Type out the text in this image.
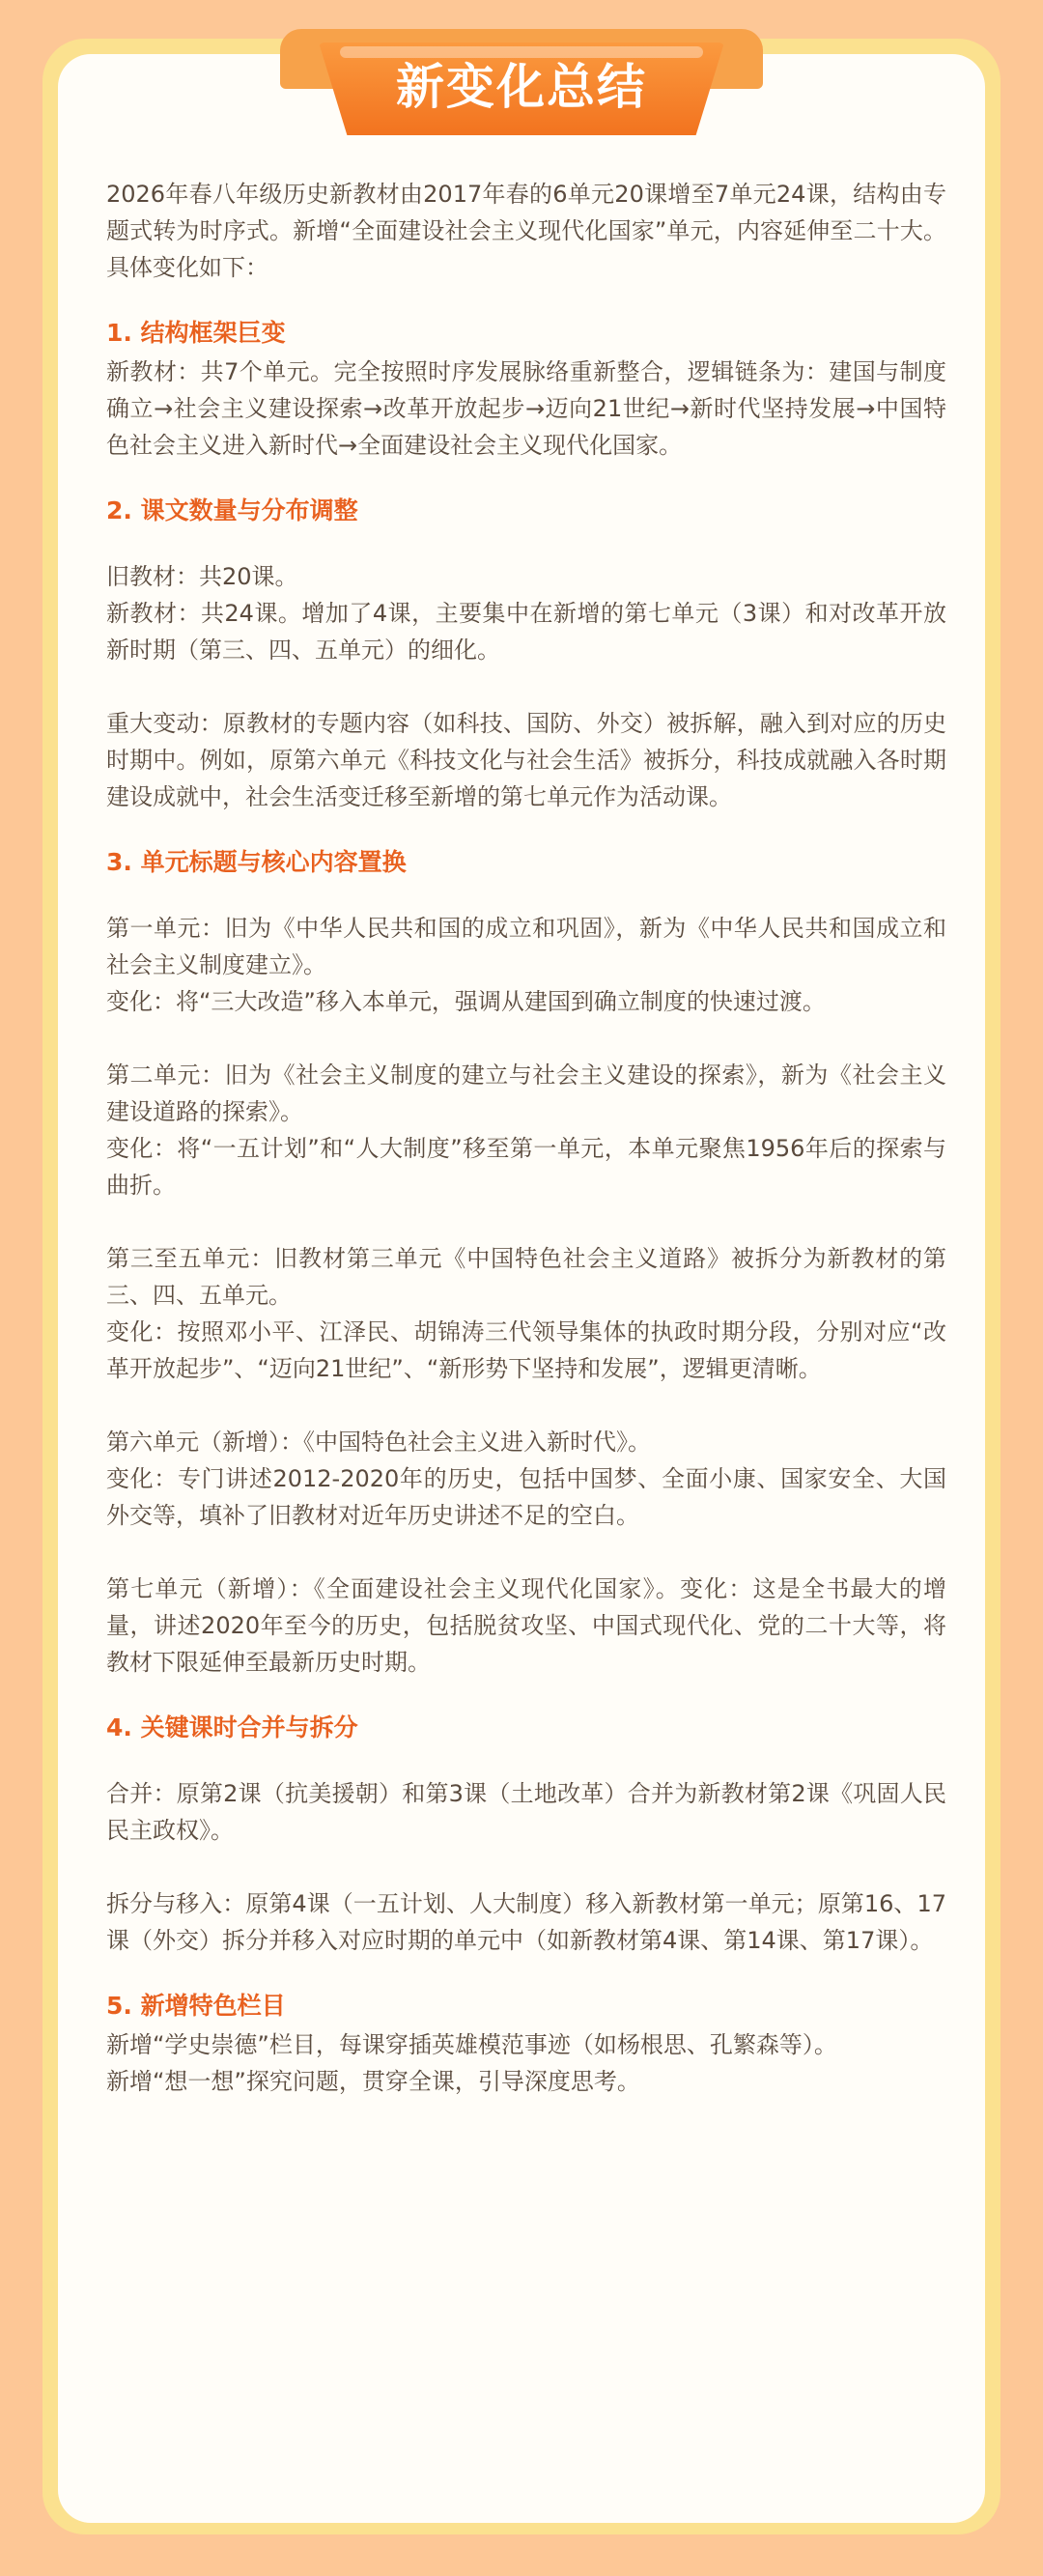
新变化总结

2026年春八年级历史新教材由2017年春的6单元20课增至7单元24课，结构由专题式转为时序式。新增“全面建设社会主义现代化国家”单元，内容延伸至二十大。具体变化如下：

1. 结构框架巨变

新教材：共7个单元。完全按照时序发展脉络重新整合，逻辑链条为：建国与制度确立→社会主义建设探索→改革开放起步→迈向21世纪→新时代坚持发展→中国特色社会主义进入新时代→全面建设社会主义现代化国家。

2. 课文数量与分布调整

旧教材：共20课。

新教材：共24课。增加了4课，主要集中在新增的第七单元（3课）和对改革开放新时期（第三、四、五单元）的细化。

重大变动：原教材的专题内容（如科技、国防、外交）被拆解，融入到对应的历史时期中。例如，原第六单元《科技文化与社会生活》被拆分，科技成就融入各时期建设成就中，社会生活变迁移至新增的第七单元作为活动课。

3. 单元标题与核心内容置换

第一单元：旧为《中华人民共和国的成立和巩固》，新为《中华人民共和国成立和社会主义制度建立》。

变化：将“三大改造”移入本单元，强调从建国到确立制度的快速过渡。

第二单元：旧为《社会主义制度的建立与社会主义建设的探索》，新为《社会主义建设道路的探索》。

变化：将“一五计划”和“人大制度”移至第一单元，本单元聚焦1956年后的探索与曲折。

第三至五单元：旧教材第三单元《中国特色社会主义道路》被拆分为新教材的第三、四、五单元。

变化：按照邓小平、江泽民、胡锦涛三代领导集体的执政时期分段，分别对应“改革开放起步”、“迈向21世纪”、“新形势下坚持和发展”，逻辑更清晰。

第六单元（新增）：《中国特色社会主义进入新时代》。

变化：专门讲述2012-2020年的历史，包括中国梦、全面小康、国家安全、大国外交等，填补了旧教材对近年历史讲述不足的空白。

第七单元（新增）：《全面建设社会主义现代化国家》。变化：这是全书最大的增量，讲述2020年至今的历史，包括脱贫攻坚、中国式现代化、党的二十大等，将教材下限延伸至最新历史时期。

4. 关键课时合并与拆分

合并：原第2课（抗美援朝）和第3课（土地改革）合并为新教材第2课《巩固人民民主政权》。

拆分与移入：原第4课（一五计划、人大制度）移入新教材第一单元；原第16、17课（外交）拆分并移入对应时期的单元中（如新教材第4课、第14课、第17课）。

5. 新增特色栏目

新增“学史崇德”栏目，每课穿插英雄模范事迹（如杨根思、孔繁森等）。

新增“想一想”探究问题，贯穿全课，引导深度思考。
